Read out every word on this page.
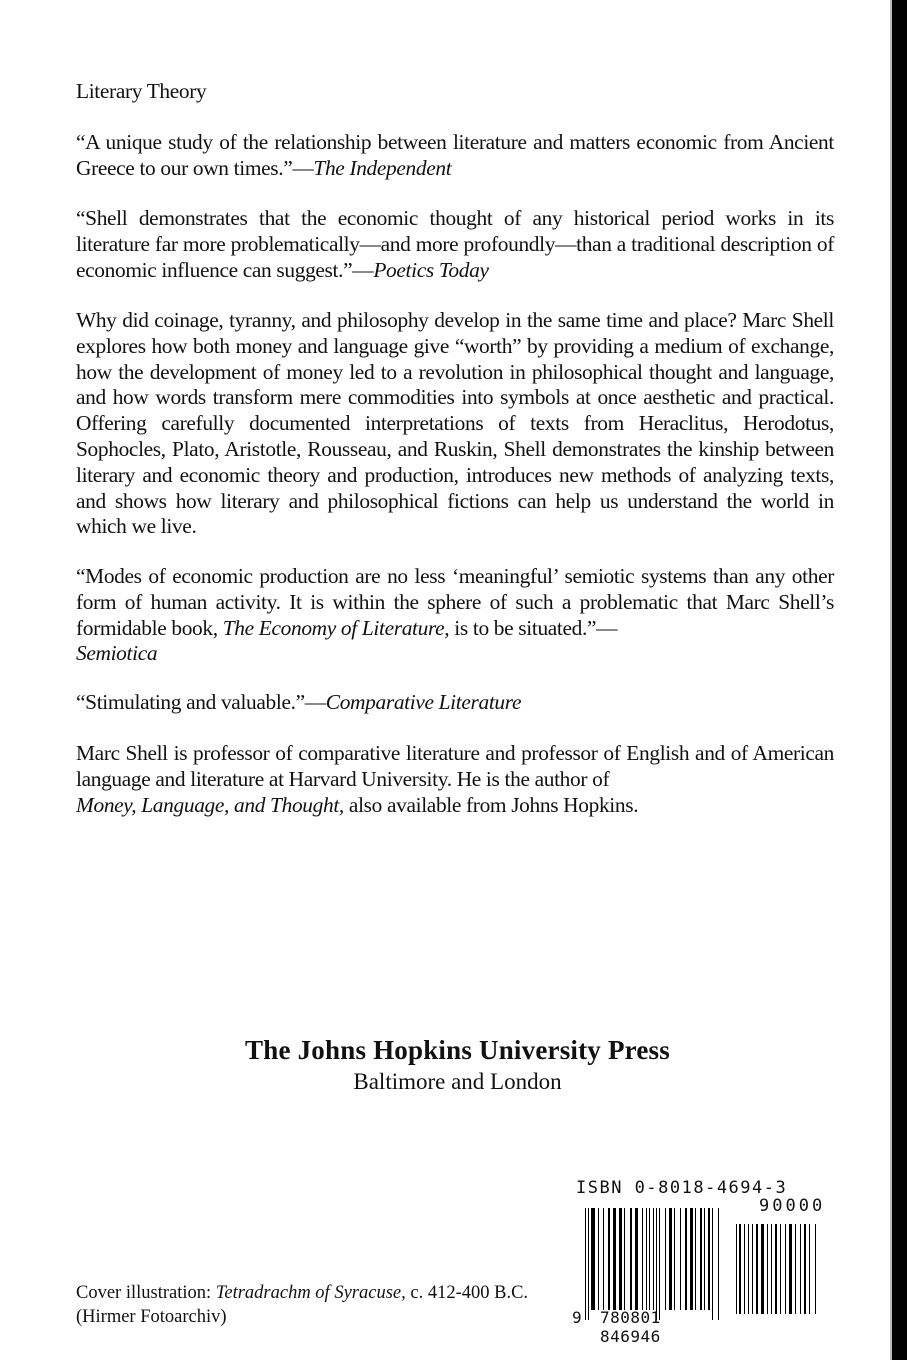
Literary Theory
“A unique study of the relationship between literature and matters economic from Ancient Greece to our own times.”—The Independent
“Shell demonstrates that the economic thought of any historical period works in its literature far more problematically—and more profoundly—than a traditional description of economic influence can suggest.”—Poetics Today
Why did coinage, tyranny, and philosophy develop in the same time and place? Marc Shell explores how both money and language give “worth” by providing a medium of exchange, how the development of money led to a revolution in philosophical thought and language, and how words transform mere commodities into symbols at once aesthetic and practical. Offering carefully documented interpretations of texts from Heraclitus, Herodotus, Sophocles, Plato, Aristotle, Rousseau, and Ruskin, Shell demonstrates the kinship between literary and economic theory and production, introduces new methods of analyzing texts, and shows how literary and philosophical fictions can help us understand the world in which we live.
“Modes of economic production are no less ‘meaningful’ semiotic systems than any other form of human activity. It is within the sphere of such a problematic that Marc Shell’s formidable book, The Economy of Literature, is to be situated.”—
Semiotica
“Stimulating and valuable.”—Comparative Literature
Marc Shell is professor of comparative literature and professor of English and of American language and literature at Harvard University. He is the author of
Money, Language, and Thought, also available from Johns Hopkins.
The Johns Hopkins University Press
Baltimore and London
Cover illustration: Tetradrachm of Syracuse, c. 412-400 B.C. (Hirmer Fotoarchiv)
ISBN 0-8018-4694-3
90000
9 780801 846946
